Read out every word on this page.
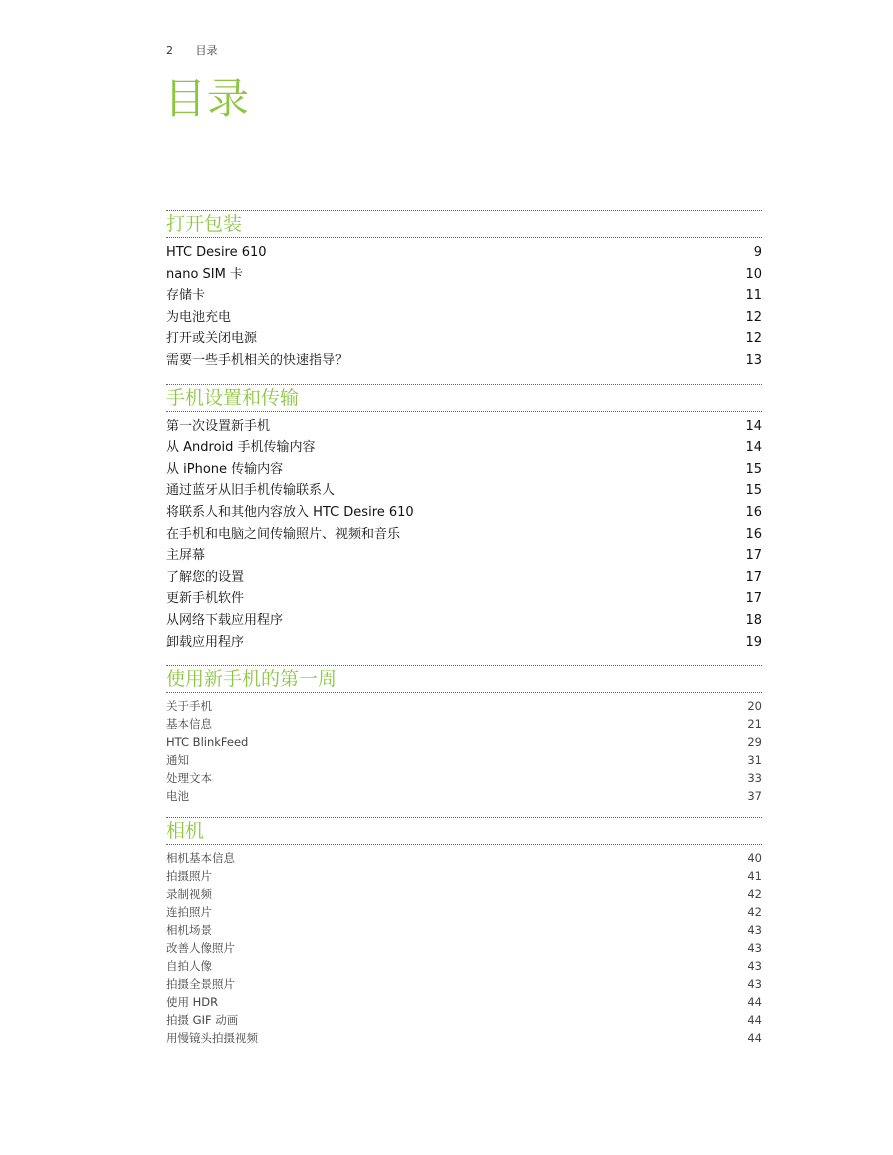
2 目录
目录
打开包装
HTC Desire 610	9
nano SIM 卡	10
存储卡	11
为电池充电	12
打开或关闭电源	12
需要一些手机相关的快速指导？	13
手机设置和传输
第一次设置新手机	14
从 Android 手机传输内容	14
从 iPhone 传输内容	15
通过蓝牙从旧手机传输联系人	15
将联系人和其他内容放入 HTC Desire 610	16
在手机和电脑之间传输照片、视频和音乐	16
主屏幕	17
了解您的设置	17
更新手机软件	17
从网络下载应用程序	18
卸载应用程序	19
使用新手机的第一周
关于手机	20
基本信息	21
HTC BlinkFeed	29
通知	31
处理文本	33
电池	37
相机
相机基本信息	40
拍摄照片	41
录制视频	42
连拍照片	42
相机场景	43
改善人像照片	43
自拍人像	43
拍摄全景照片	43
使用 HDR	44
拍摄 GIF 动画	44
用慢镜头拍摄视频	44
